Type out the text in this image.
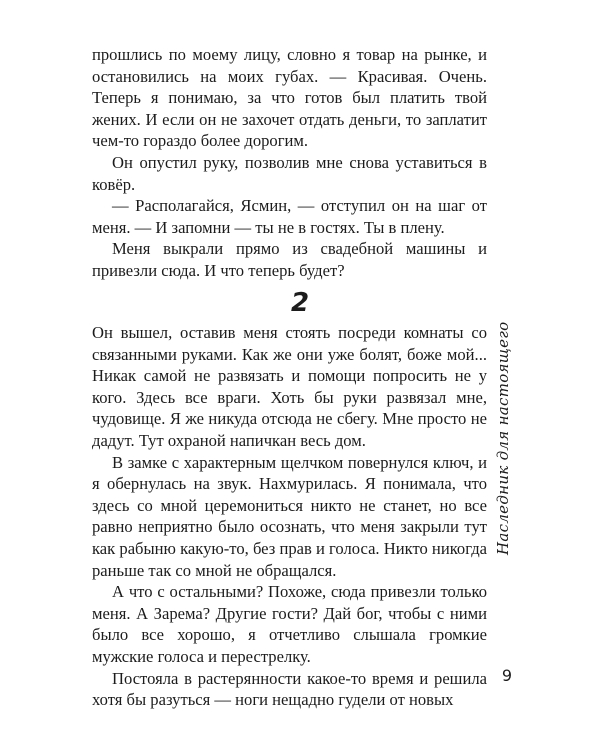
прошлись по моему лицу, словно я товар на рынке, и остановились на моих губах. — Красивая. Очень. Теперь я понимаю, за что готов был платить твой жених. И если он не захочет отдать деньги, то заплатит чем-то гораздо более дорогим.

Он опустил руку, позволив мне снова уставиться в ковёр.

— Располагайся, Ясмин, — отступил он на шаг от меня. — И запомни — ты не в гостях. Ты в плену.

Меня выкрали прямо из свадебной машины и привезли сюда. И что теперь будет?

2

Он вышел, оставив меня стоять посреди комнаты со связанными руками. Как же они уже болят, боже мой... Никак самой не развязать и помощи попросить не у кого. Здесь все враги. Хоть бы руки развязал мне, чудовище. Я же никуда отсюда не сбегу. Мне просто не дадут. Тут охраной напичкан весь дом.

В замке с характерным щелчком повернулся ключ, и я обернулась на звук. Нахмурилась. Я понимала, что здесь со мной церемониться никто не станет, но все равно неприятно было осознать, что меня закрыли тут как рабыню какую-то, без прав и голоса. Никто никогда раньше так со мной не обращался.

А что с остальными? Похоже, сюда привезли только меня. А Зарема? Другие гости? Дай бог, чтобы с ними было все хорошо, я отчетливо слышала громкие мужские голоса и перестрелку.

Постояла в растерянности какое-то время и решила хотя бы разуться — ноги нещадно гудели от новых

Наследник для настоящего
9
